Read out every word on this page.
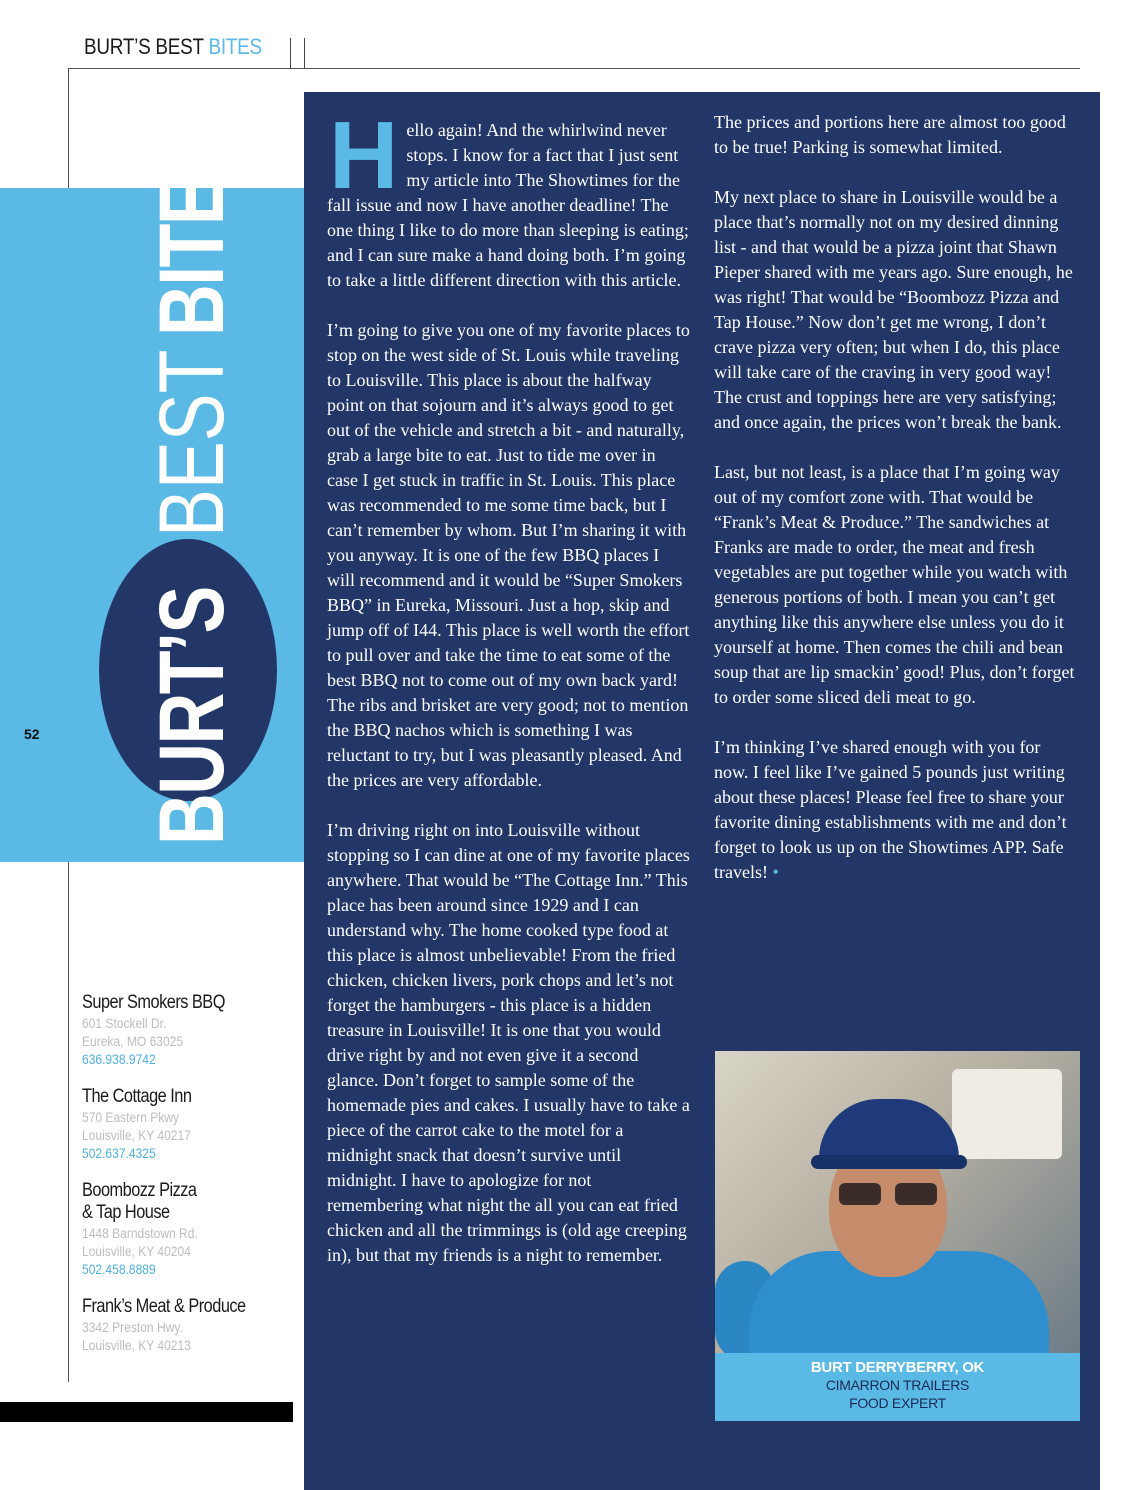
BURT’S BEST BITES
BURT’SBESTBITES
52

Hello again! And the whirlwind never stops. I know for a fact that I just sent my article into The Showtimes for the fall issue and now I have another deadline! The one thing I like to do more than sleeping is eating; and I can sure make a hand doing both. I’m going to take a little different direction with this article.

I’m going to give you one of my favorite places to stop on the west side of St. Louis while traveling to Louisville. This place is about the halfway point on that sojourn and it’s always good to get out of the vehicle and stretch a bit - and naturally, grab a large bite to eat. Just to tide me over in case I get stuck in traffic in St. Louis. This place was recommended to me some time back, but I can’t remember by whom. But I’m sharing it with you anyway. It is one of the few BBQ places I will recommend and it would be “Super Smokers BBQ” in Eureka, Missouri. Just a hop, skip and jump off of I44. This place is well worth the effort to pull over and take the time to eat some of the best BBQ not to come out of my own back yard! The ribs and brisket are very good; not to mention the BBQ nachos which is something I was reluctant to try, but I was pleasantly pleased. And the prices are very affordable.

I’m driving right on into Louisville without stopping so I can dine at one of my favorite places anywhere. That would be “The Cottage Inn.” This place has been around since 1929 and I can understand why. The home cooked type food at this place is almost unbelievable! From the fried chicken, chicken livers, pork chops and let’s not forget the hamburgers - this place is a hidden treasure in Louisville! It is one that you would drive right by and not even give it a second glance. Don’t forget to sample some of the homemade pies and cakes. I usually have to take a piece of the carrot cake to the motel for a midnight snack that doesn’t survive until midnight. I have to apologize for not remembering what night the all you can eat fried chicken and all the trimmings is (old age creeping in), but that my friends is a night to remember.

The prices and portions here are almost too good to be true! Parking is somewhat limited.

My next place to share in Louisville would be a place that’s normally not on my desired dinning list - and that would be a pizza joint that Shawn Pieper shared with me years ago. Sure enough, he was right! That would be “Boombozz Pizza and Tap House.” Now don’t get me wrong, I don’t crave pizza very often; but when I do, this place will take care of the craving in very good way! The crust and toppings here are very satisfying; and once again, the prices won’t break the bank.

Last, but not least, is a place that I’m going way out of my comfort zone with. That would be “Frank’s Meat & Produce.” The sandwiches at Franks are made to order, the meat and fresh vegetables are put together while you watch with generous portions of both. I mean you can’t get anything like this anywhere else unless you do it yourself at home. Then comes the chili and bean soup that are lip smackin’ good! Plus, don’t forget to order some sliced deli meat to go.

I’m thinking I’ve shared enough with you for now. I feel like I’ve gained 5 pounds just writing about these places! Please feel free to share your favorite dining establishments with me and don’t forget to look us up on the Showtimes APP. Safe travels! •

BURT DERRYBERRY, OK
CIMARRON TRAILERS
FOOD EXPERT
Super Smokers BBQ
601 Stockell Dr.
Eureka, MO 63025
636.938.9742
The Cottage Inn
570 Eastern Pkwy
Louisville, KY 40217
502.637.4325
Boombozz Pizza
& Tap House
1448 Barndstown Rd.
Louisville, KY 40204
502.458.8889
Frank’s Meat & Produce
3342 Preston Hwy.
Louisville, KY 40213
